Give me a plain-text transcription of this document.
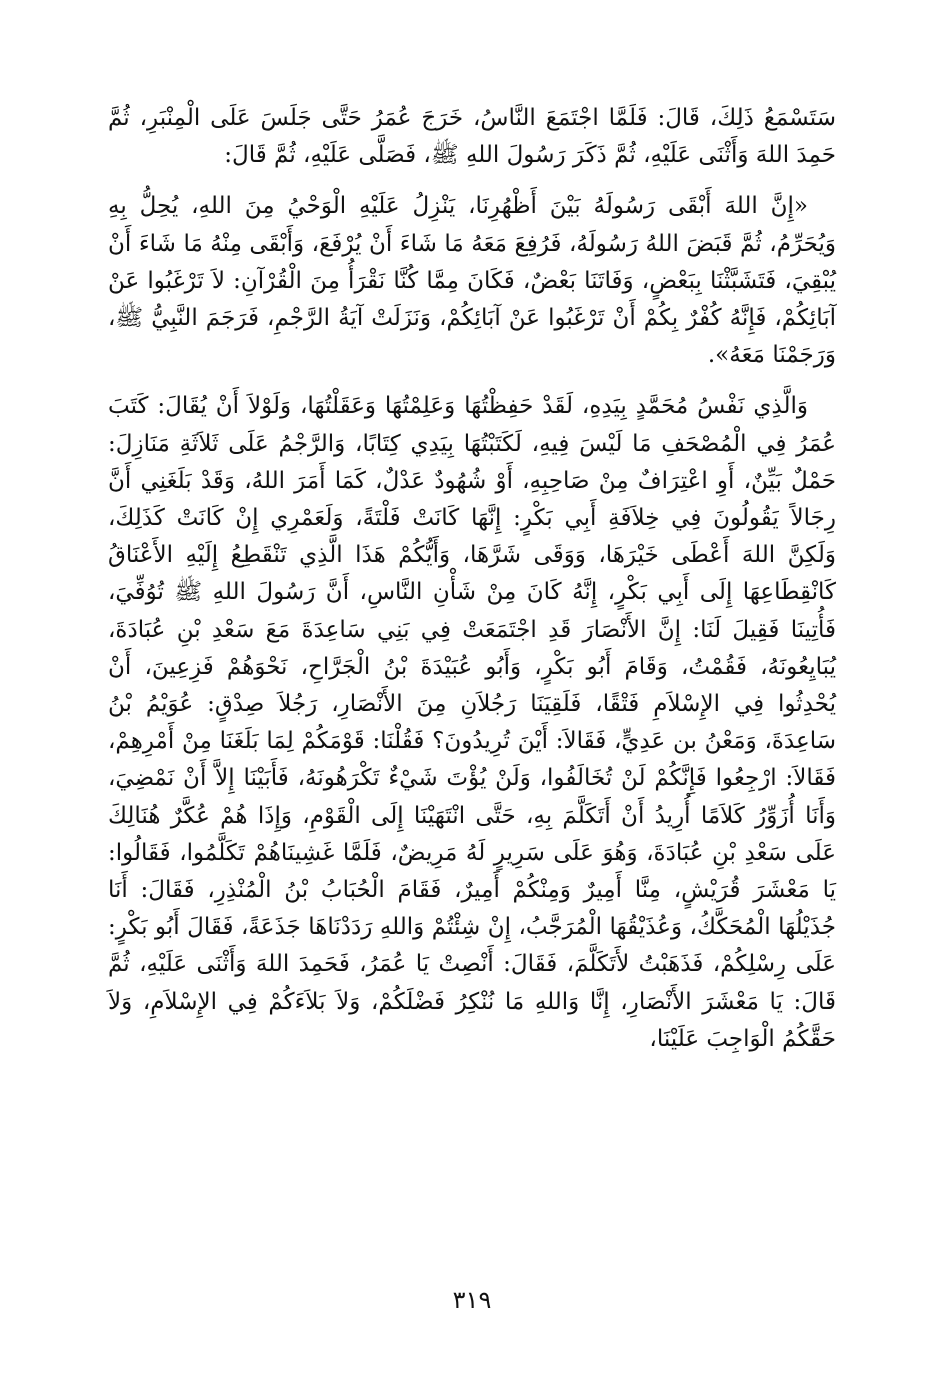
سَتَسْمَعُ ذَلِكَ، قَالَ: فَلَمَّا اجْتَمَعَ النَّاسُ، خَرَجَ عُمَرُ حَتَّى جَلَسَ عَلَى الْمِنْبَرِ، ثُمَّ حَمِدَ اللهَ وَأَثْنَى عَلَيْهِ، ثُمَّ ذَكَرَ رَسُولَ اللهِ ﷺ، فَصَلَّى عَلَيْهِ، ثُمَّ قَالَ:

«إِنَّ اللهَ أَبْقَى رَسُولَهُ بَيْنَ أَظْهُرِنَا، يَنْزِلُ عَلَيْهِ الْوَحْيُ مِنَ اللهِ، يُحِلُّ بِهِ وَيُحَرِّمُ، ثُمَّ قَبَضَ اللهُ رَسُولَهُ، فَرُفِعَ مَعَهُ مَا شَاءَ أَنْ يُرْفَعَ، وَأَبْقَى مِنْهُ مَا شَاءَ أَنْ يُبْقِيَ، فَتَشَبَّثْنَا بِبَعْضٍ، وَفَاتَنَا بَعْضٌ، فَكَانَ مِمَّا كُنَّا نَقْرَأُ مِنَ الْقُرْآنِ: لاَ تَرْغَبُوا عَنْ آبَائِكُمْ، فَإِنَّهُ كُفْرٌ بِكُمْ أَنْ تَرْغَبُوا عَنْ آبَائِكُمْ، وَنَزَلَتْ آيَةُ الرَّجْمِ، فَرَجَمَ النَّبِيُّ ﷺ، وَرَجَمْنَا مَعَهُ».

وَالَّذِي نَفْسُ مُحَمَّدٍ بِيَدِهِ، لَقَدْ حَفِظْتُهَا وَعَلِمْتُهَا وَعَقَلْتُهَا، وَلَوْلاَ أَنْ يُقَالَ: كَتَبَ عُمَرُ فِي الْمُصْحَفِ مَا لَيْسَ فِيهِ، لَكَتَبْتُهَا بِيَدِي كِتَابًا، وَالرَّجْمُ عَلَى ثَلاَثَةِ مَنَازِلَ: حَمْلٌ بَيِّنٌ، أَوِ اعْتِرَافٌ مِنْ صَاحِبِهِ، أَوْ شُهُودٌ عَدْلٌ، كَمَا أَمَرَ اللهُ، وَقَدْ بَلَغَنِي أَنَّ رِجَالاً يَقُولُونَ فِي خِلاَفَةِ أَبِي بَكْرٍ: إِنَّهَا كَانَتْ فَلْتَةً، وَلَعَمْرِي إِنْ كَانَتْ كَذَلِكَ، وَلَكِنَّ اللهَ أَعْطَى خَيْرَهَا، وَوَقَى شَرَّهَا، وَأَيُّكُمْ هَذَا الَّذِي تَنْقَطِعُ إِلَيْهِ الأَعْنَاقُ كَانْقِطَاعِهَا إِلَى أَبِي بَكْرٍ، إِنَّهُ كَانَ مِنْ شَأْنِ النَّاسِ، أَنَّ رَسُولَ اللهِ ﷺ تُوُفِّيَ، فَأُتِينَا فَقِيلَ لَنَا: إِنَّ الأَنْصَارَ قَدِ اجْتَمَعَتْ فِي بَنِي سَاعِدَةَ مَعَ سَعْدِ بْنِ عُبَادَةَ، يُبَايِعُونَهُ، فَقُمْتُ، وَقَامَ أَبُو بَكْرٍ، وَأَبُو عُبَيْدَةَ بْنُ الْجَرَّاحِ، نَحْوَهُمْ فَزِعِينَ، أَنْ يُحْدِثُوا فِي الإِسْلاَمِ فَتْقًا، فَلَقِيَنَا رَجُلاَنِ مِنَ الأَنْصَارِ، رَجُلاَ صِدْقٍ: عُوَيْمُ بْنُ سَاعِدَةَ، وَمَعْنُ بن عَدِيٍّ، فَقَالاَ: أَيْنَ تُرِيدُونَ؟ فَقُلْنَا: قَوْمَكُمْ لِمَا بَلَغَنَا مِنْ أَمْرِهِمْ، فَقَالاَ: ارْجِعُوا فَإِنَّكُمْ لَنْ تُخَالَفُوا، وَلَنْ يُؤْتَ شَيْءٌ تَكْرَهُونَهُ، فَأَبَيْنَا إِلاَّ أَنْ نَمْضِيَ، وَأَنَا أُزَوِّرُ كَلاَمًا أُرِيدُ أَنْ أَتَكَلَّمَ بِهِ، حَتَّى انْتَهَيْنَا إِلَى الْقَوْمِ، وَإِذَا هُمْ عُكَّرٌ هُنَالِكَ عَلَى سَعْدِ بْنِ عُبَادَةَ، وَهُوَ عَلَى سَرِيرٍ لَهُ مَرِيضٌ، فَلَمَّا غَشِينَاهُمْ تَكَلَّمُوا، فَقَالُوا: يَا مَعْشَرَ قُرَيْشٍ، مِنَّا أَمِيرٌ وَمِنْكُمْ أَمِيرٌ، فَقَامَ الْحُبَابُ بْنُ الْمُنْذِرِ، فَقَالَ: أَنَا جُذَيْلُهَا الْمُحَكَّكُ، وَعُذَيْقُهَا الْمُرَجَّبُ، إِنْ شِئْتُمْ وَاللهِ رَدَدْنَاهَا جَذَعَةً، فَقَالَ أَبُو بَكْرٍ: عَلَى رِسْلِكُمْ، فَذَهَبْتُ لأَتَكَلَّمَ، فَقَالَ: أَنْصِتْ يَا عُمَرُ، فَحَمِدَ اللهَ وَأَثْنَى عَلَيْهِ، ثُمَّ قَالَ: يَا مَعْشَرَ الأَنْصَارِ، إِنَّا وَاللهِ مَا نُنْكِرُ فَضْلَكُمْ، وَلاَ بَلاَءَكُمْ فِي الإِسْلاَمِ، وَلاَ حَقَّكُمُ الْوَاجِبَ عَلَيْنَا،

٣١٩
